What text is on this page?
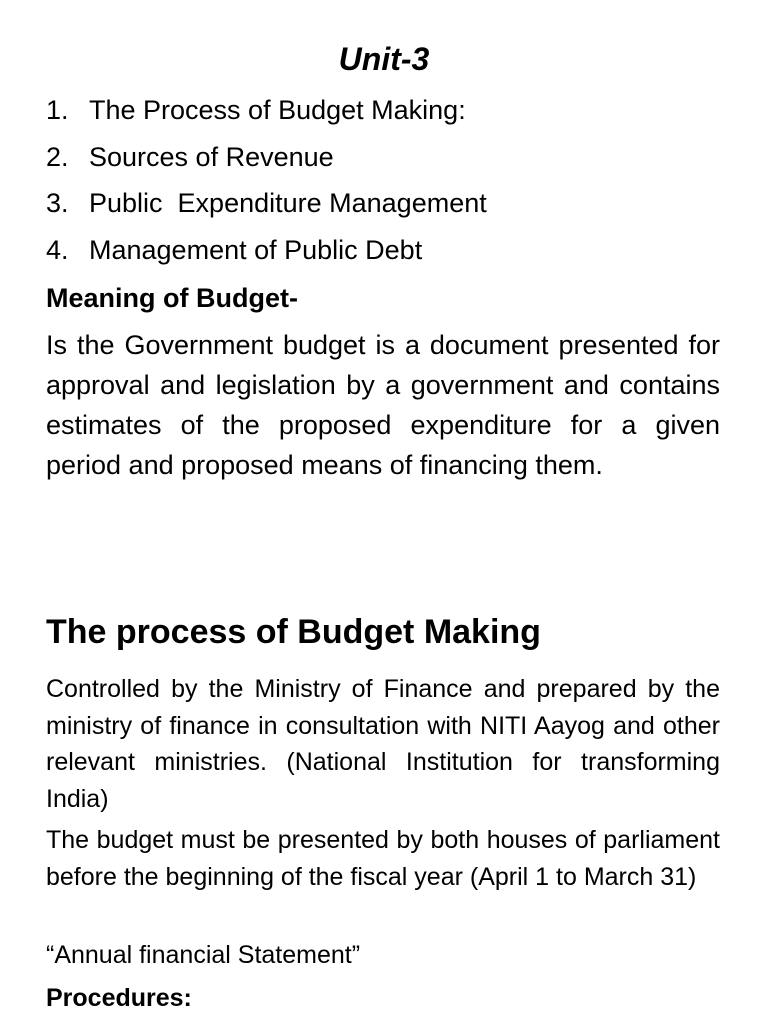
Unit-3
1. The Process of Budget Making:
2. Sources of Revenue
3. Public  Expenditure Management
4. Management of Public Debt
Meaning of Budget-

Is the Government budget is a document presented for approval and legislation by a government and contains estimates of the proposed expenditure for a given period and proposed means of financing them.

The process of Budget Making

Controlled by the Ministry of Finance and prepared by the ministry of finance in consultation with NITI Aayog and other relevant ministries. (National Institution for transforming India)

The budget must be presented by both houses of parliament before the beginning of the fiscal year (April 1 to March 31)

“Annual financial Statement”

Procedures:
